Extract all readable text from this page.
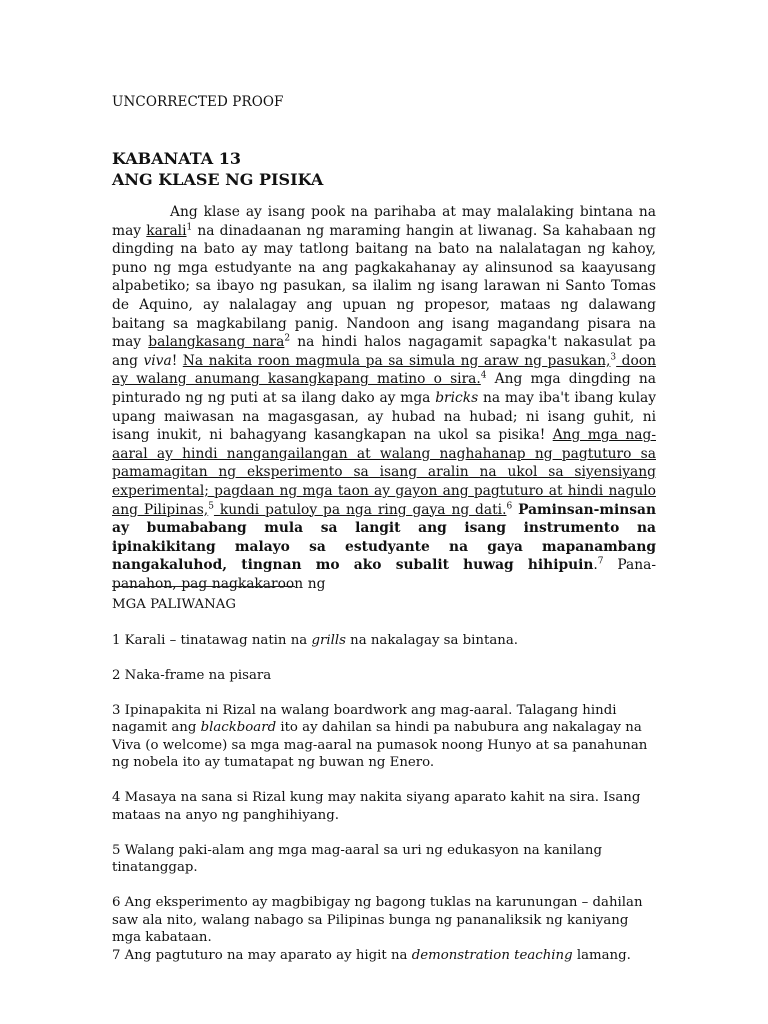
UNCORRECTED PROOF
KABANATA 13
ANG KLASE NG PISIKA

Ang klase ay isang pook na parihaba at may malalaking bintana na may karali$^1$ na dinadaanan ng maraming hangin at liwanag. Sa kahabaan ng dingding na bato ay may tatlong baitang na bato na nalalatagan ng kahoy, puno ng mga estudyante na ang pagkakahanay ay alinsunod sa kaayusang alpabetiko; sa ibayo ng pasukan, sa ilalim ng isang larawan ni Santo Tomas de Aquino, ay nalalagay ang upuan ng propesor, mataas ng dalawang baitang sa magkabilang panig. Nandoon ang isang magandang pisara na may balangkasang nara$^2$ na hindi halos nagagamit sapagka't nakasulat pa ang viva! Na nakita roon magmula pa sa simula ng araw ng pasukan,$^3$ doon ay walang anumang kasangkapang matino o sira.$^4$ Ang mga dingding na pinturado ng ng puti at sa ilang dako ay mga bricks na may iba't ibang kulay upang maiwasan na magasgasan, ay hubad na hubad; ni isang guhit, ni isang inukit, ni bahagyang kasangkapan na ukol sa pisika! Ang mga nag-aaral ay hindi nangangailangan at walang naghahanap ng pagtuturo sa pamamagitan ng eksperimento sa isang aralin na ukol sa siyensiyang experimental; pagdaan ng mga taon ay gayon ang pagtuturo at hindi nagulo ang Pilipinas,$^5$ kundi patuloy pa nga ring gaya ng dati.$^6$ Paminsan-minsan ay bumababang mula sa langit ang isang instrumento na ipinakikitang malayo sa estudyante na gaya mapanambang nangakaluhod, tingnan mo ako subalit huwag hihipuin.$^7$ Pana-panahon, pag nagkakaroon ng

MGA PALIWANAG
1 Karali – tinatawag natin na grills na nakalagay sa bintana.
2 Naka-frame na pisara
3 Ipinapakita ni Rizal na walang boardwork ang mag-aaral. Talagang hindi nagamit ang blackboard ito ay dahilan sa hindi pa nabubura ang nakalagay na Viva (o welcome) sa mga mag-aaral na pumasok noong Hunyo at sa panahunan ng nobela ito ay tumatapat ng buwan ng Enero.
4 Masaya na sana si Rizal kung may nakita siyang aparato kahit na sira. Isang mataas na anyo ng panghihiyang.
5 Walang paki-alam ang mga mag-aaral sa uri ng edukasyon na kanilang tinatanggap.
6 Ang eksperimento ay magbibigay ng bagong tuklas na karunungan – dahilan saw ala nito, walang nabago sa Pilipinas bunga ng pananaliksik ng kaniyang mga kabataan.
7 Ang pagtuturo na may aparato ay higit na demonstration teaching lamang.
